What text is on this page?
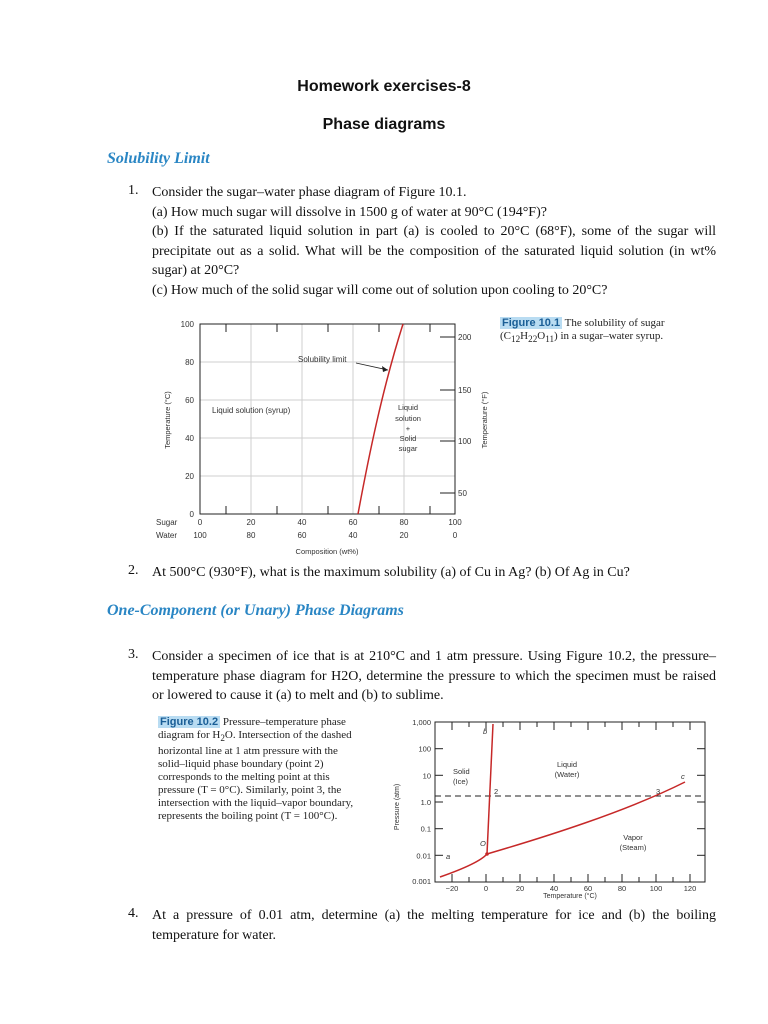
Homework exercises-8
Phase diagrams
Solubility Limit
1. Consider the sugar–water phase diagram of Figure 10.1.
(a) How much sugar will dissolve in 1500 g of water at 90°C (194°F)?
(b) If the saturated liquid solution in part (a) is cooled to 20°C (68°F), some of the sugar will precipitate out as a solid. What will be the composition of the saturated liquid solution (in wt% sugar) at 20°C?
(c) How much of the solid sugar will come out of solution upon cooling to 20°C?
100
80
60
40
20
0
200
150
100
50
Sugar
Water
0	20	40	60	80	100
100	80	60	40	20	0
Composition (wt%)
Temperature (°C)	Temperature (°F)
Liquid solution (syrup)
Solubility limit
Liquid
solution
+
Solid
sugar
Figure 10.1 The solubility of sugar
$(C_{12}H_{22}O_{11})$ in a sugar–water syrup.
2. At 500°C (930°F), what is the maximum solubility (a) of Cu in Ag? (b) Of Ag in Cu?
One-Component (or Unary) Phase Diagrams
3. Consider a specimen of ice that is at 210°C and 1 atm pressure. Using Figure 10.2, the pressure– temperature phase diagram for H2O, determine the pressure to which the specimen must be raised or lowered to cause it (a) to melt and (b) to sublime.
Figure 10.2 Pressure–temperature phase
diagram for $H_2O$. Intersection of the dashed
horizontal line at 1 atm pressure with the
solid–liquid phase boundary (point 2)
corresponds to the melting point at this
pressure (T = 0°C). Similarly, point 3, the
intersection with the liquid–vapor boundary,
represents the boiling point (T = 100°C).
1,000
100
10
1.0
0.1
0.01
0.001
Pressure (atm)
Temperature (°C)
−20	0	20	40	60	80	100	120
Solid
(Ice)
Liquid
(Water)
Vapor
(Steam)
b
2	3
c
O
a
4. At a pressure of 0.01 atm, determine (a) the melting temperature for ice and (b) the boiling temperature for water.
